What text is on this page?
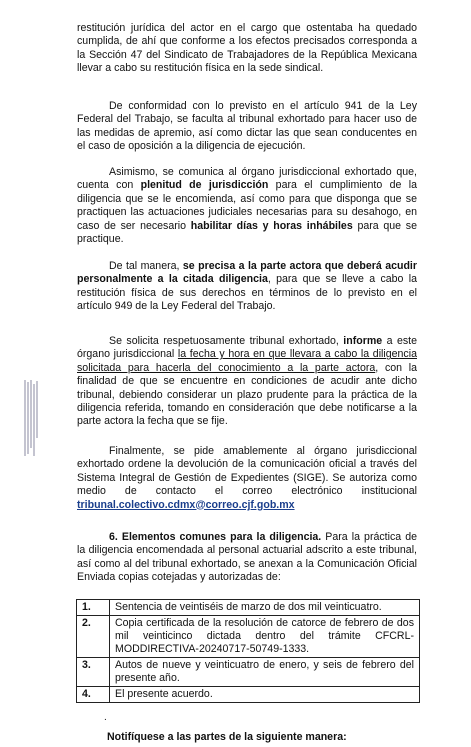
restitución jurídica del actor en el cargo que ostentaba ha quedado cumplida, de ahí que conforme a los efectos precisados corresponda a la Sección 47 del Sindicato de Trabajadores de la República Mexicana llevar a cabo su restitución física en la sede sindical.

De conformidad con lo previsto en el artículo 941 de la Ley Federal del Trabajo, se faculta al tribunal exhortado para hacer uso de las medidas de apremio, así como dictar las que sean conducentes en el caso de oposición a la diligencia de ejecución.

Asimismo, se comunica al órgano jurisdiccional exhortado que, cuenta con plenitud de jurisdicción para el cumplimiento de la diligencia que se le encomienda, así como para que disponga que se practiquen las actuaciones judiciales necesarias para su desahogo, en caso de ser necesario habilitar días y horas inhábiles para que se practique.

De tal manera, se precisa a la parte actora que deberá acudir personalmente a la citada diligencia, para que se lleve a cabo la restitución física de sus derechos en términos de lo previsto en el artículo 949 de la Ley Federal del Trabajo.

Se solicita respetuosamente tribunal exhortado, informe a este órgano jurisdiccional la fecha y hora en que llevara a cabo la diligencia solicitada para hacerla del conocimiento a la parte actora, con la finalidad de que se encuentre en condiciones de acudir ante dicho tribunal, debiendo considerar un plazo prudente para la práctica de la diligencia referida, tomando en consideración que debe notificarse a la parte actora la fecha que se fije.

Finalmente, se pide amablemente al órgano jurisdiccional exhortado ordene la devolución de la comunicación oficial a través del Sistema Integral de Gestión de Expedientes (SIGE). Se autoriza como medio de contacto el correo electrónico institucional tribunal.colectivo.cdmx@correo.cjf.gob.mx

6. Elementos comunes para la diligencia. Para la práctica de la diligencia encomendada al personal actuarial adscrito a este tribunal, así como al del tribunal exhortado, se anexan a la Comunicación Oficial Enviada copias cotejadas y autorizadas de:

1.	Sentencia de veintiséis de marzo de dos mil veinticuatro.
2.	Copia certificada de la resolución de catorce de febrero de dos mil veinticinco dictada dentro del trámite CFCRL-MODDIRECTIVA-20240717-50749-1333.
3.	Autos de nueve y veinticuatro de enero, y seis de febrero del presente año.
4.	El presente acuerdo.
.
Notifíquese a las partes de la siguiente manera:
